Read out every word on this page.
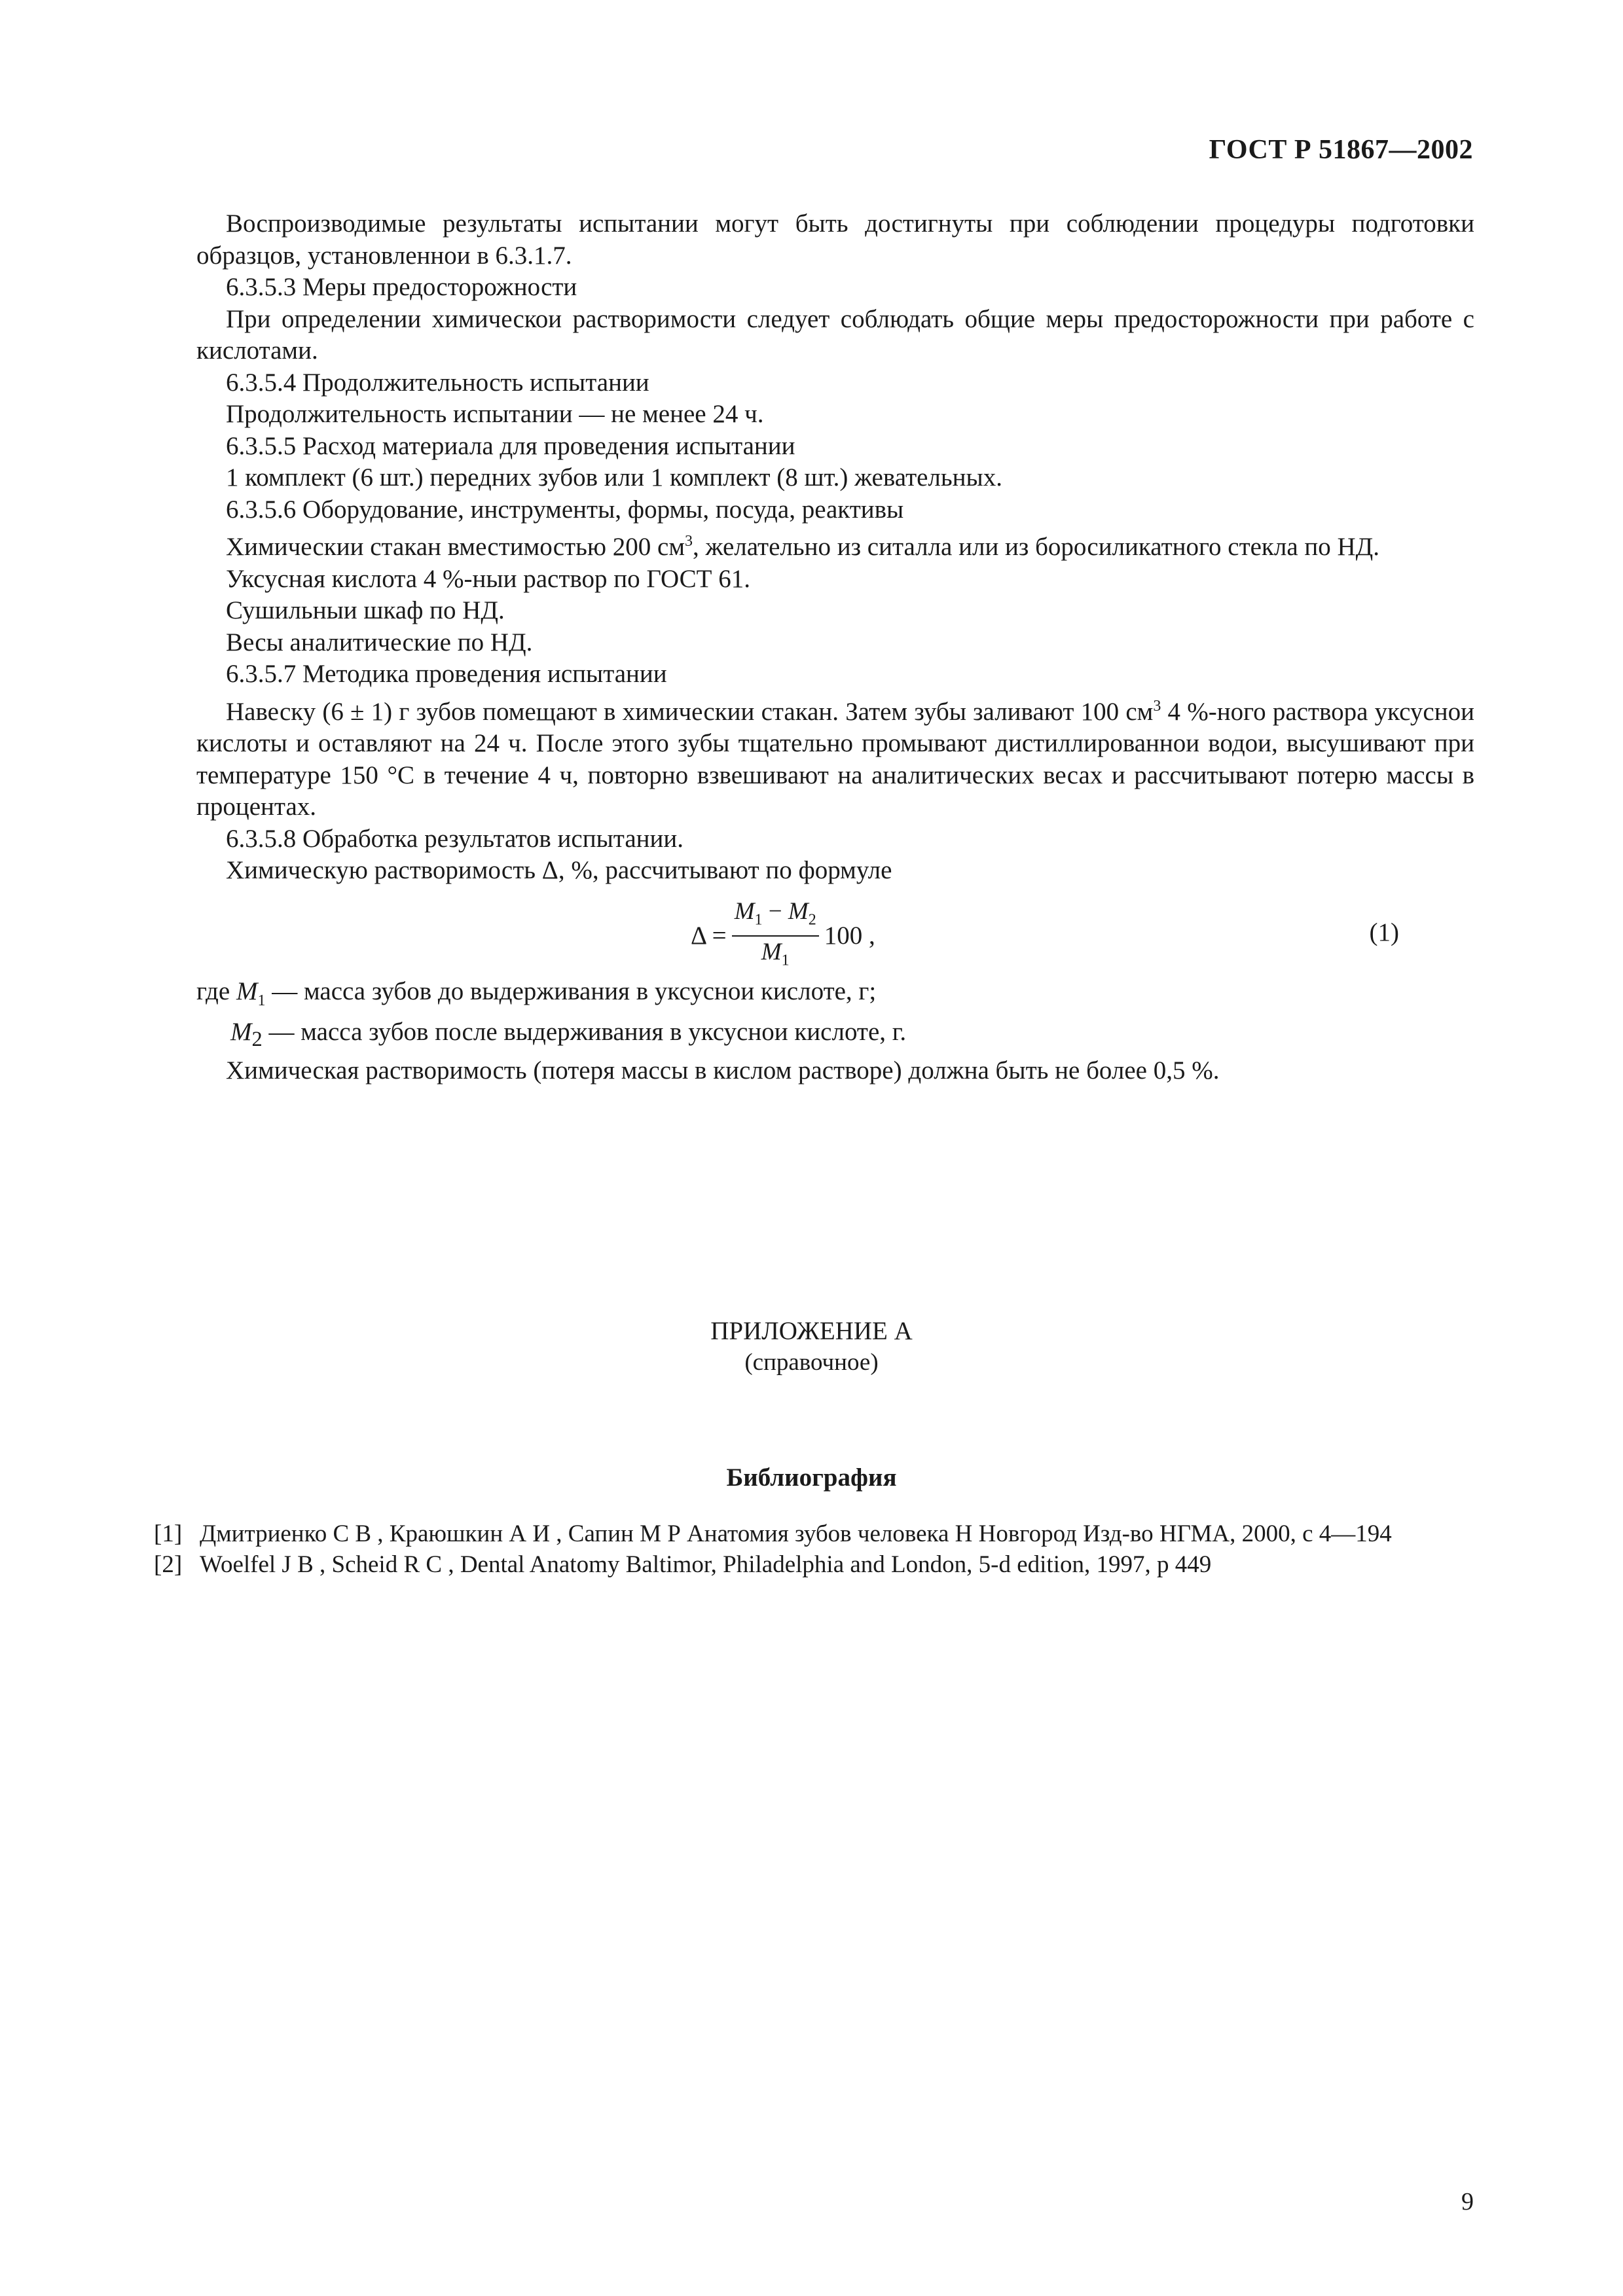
ГОСТ Р 51867—2002

Воспроизводимые результаты испытании могут быть достигнуты при соблюдении процедуры подготовки образцов, установленнои в 6.3.1.7.

6.3.5.3 Меры предосторожности

При определении химическои растворимости следует соблюдать общие меры предосторожности при работе с кислотами.

6.3.5.4 Продолжительность испытании

Продолжительность испытании — не менее 24 ч.

6.3.5.5 Расход материала для проведения испытании

1 комплект (6 шт.) передних зубов или 1 комплект (8 шт.) жевательных.

6.3.5.6 Оборудование, инструменты, формы, посуда, реактивы

Химическии стакан вместимостью 200 $см^3$, желательно из ситалла или из боросиликатного стекла по НД.

Уксусная кислота 4 %-ныи раствор по ГОСТ 61.

Сушильныи шкаф по НД.

Весы аналитические по НД.

6.3.5.7 Методика проведения испытании

Навеску (6 ± 1) г зубов помещают в химическии стакан. Затем зубы заливают 100 $см^3$ 4 %-ного раствора уксуснои кислоты и оставляют на 24 ч. После этого зубы тщательно промывают дистиллированнои водои, высушивают при температуре 150 °С в течение 4 ч, повторно взвешивают на аналитических весах и рассчитывают потерю массы в процентах.

6.3.5.8 Обработка результатов испытании.

Химическую растворимость Δ, %, рассчитывают по формуле

$\Delta = \frac{M_1 - M_2}{M_1} 100$ ,	(1)

где $M_1$ — масса зубов до выдерживания в уксуснои кислоте, г;

$M_2$ — масса зубов после выдерживания в уксуснои кислоте, г.

Химическая растворимость (потеря массы в кислом растворе) должна быть не более 0,5 %.

ПРИЛОЖЕНИЕ А
(справочное)
Библиография

[1] Дмитриенко С В , Краюшкин А И , Сапин М Р Анатомия зубов человека Н Новгород Изд-во НГМА, 2000, с 4—194

[2] Woelfel J B , Scheid R C , Dental Anatomy Baltimor, Philadelphia and London, 5-d edition, 1997, p 449

9
